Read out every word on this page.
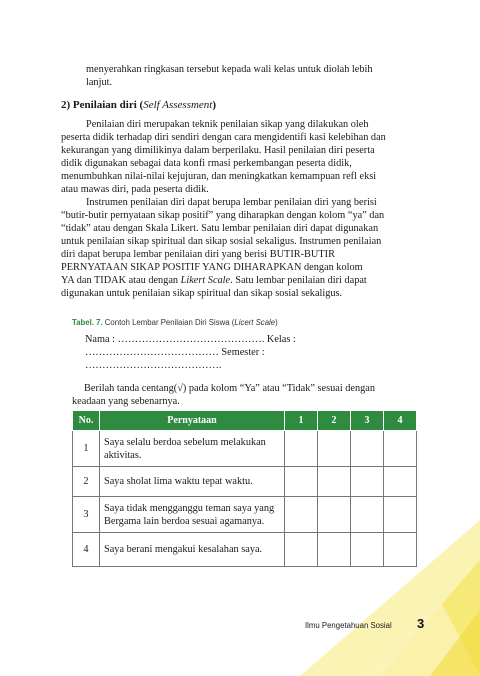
menyerahkan ringkasan tersebut kepada wali kelas untuk diolah lebih
lanjut.

2) Penilaian diri (Self Assessment)

Penilaian diri merupakan teknik penilaian sikap yang dilakukan oleh
peserta didik terhadap diri sendiri dengan cara mengidentifi kasi kelebihan dan
kekurangan yang dimilikinya dalam berperilaku. Hasil penilaian diri peserta
didik digunakan sebagai data konfi rmasi perkembangan peserta didik,
menumbuhkan nilai-nilai kejujuran, dan meningkatkan kemampuan refl eksi
atau mawas diri, pada peserta didik.

Instrumen penilaian diri dapat berupa lembar penilaian diri yang berisi
“butir-butir pernyataan sikap positif” yang diharapkan dengan kolom “ya” dan
“tidak” atau dengan Skala Likert. Satu lembar penilaian diri dapat digunakan
untuk penilaian sikap spiritual dan sikap sosial sekaligus. Instrumen penilaian
diri dapat berupa lembar penilaian diri yang berisi BUTIR-BUTIR
PERNYATAAN SIKAP POSITIF YANG DIHARAPKAN dengan kolom
YA dan TIDAK atau dengan Likert Scale. Satu lembar penilaian diri dapat
digunakan untuk penilaian sikap spiritual dan sikap sosial sekaligus.

Tabel. 7. Contoh Lembar Penilaian Diri Siswa (Licert Scale)

Nama : ……………………………………. Kelas :
………………………………… Semester :
………………………………….

Berilah tanda centang(√) pada kolom “Ya” atau “Tidak” sesuai dengan
keadaan yang sebenarnya.

No.	Pernyataan	1	2	3	4
1	Saya selalu berdoa sebelum melakukan aktivitas.				
2	Saya sholat lima waktu tepat waktu.				
3	Saya tidak mengganggu teman saya yang Bergama lain berdoa sesuai agamanya.				
4	Saya berani mengakui kesalahan saya.				

Ilmu Pengetahuan Sosial 3
